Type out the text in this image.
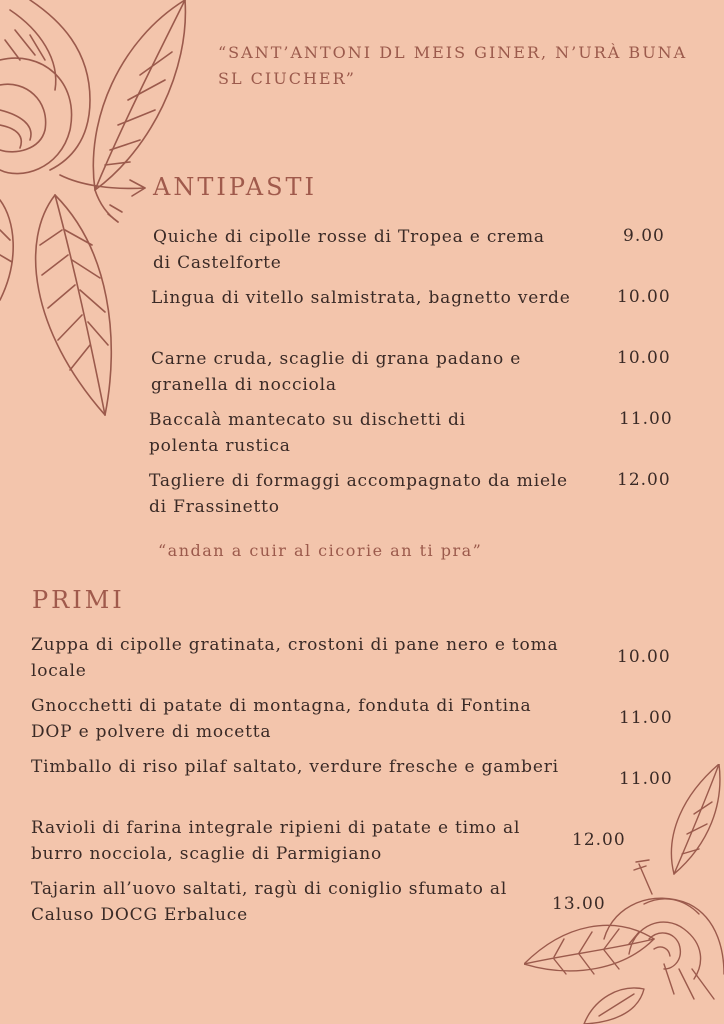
“SANT’ANTONI DL MEIS GINER, N’URÀ BUNA SL CIUCHER”
ANTIPASTI
Quiche di cipolle rosse di Tropea e crema di Castelforte
9.00
Lingua di vitello salmistrata, bagnetto verde	10.00
Carne cruda, scaglie di grana padano e granella di nocciola
10.00
Baccalà mantecato su dischetti di polenta rustica
11.00
Tagliere di formaggi accompagnato da miele di Frassinetto
12.00
“andan a cuir al cicorie an ti pra”
PRIMI
Zuppa di cipolle gratinata, crostoni di pane nero e toma locale
10.00
Gnocchetti di patate di montagna, fonduta di Fontina DOP e polvere di mocetta
11.00
Timballo di riso pilaf saltato, verdure fresche e gamberi
11.00
Ravioli di farina integrale ripieni di patate e timo al burro nocciola, scaglie di Parmigiano
12.00
Tajarin all’uovo saltati, ragù di coniglio sfumato al Caluso DOCG Erbaluce
13.00
